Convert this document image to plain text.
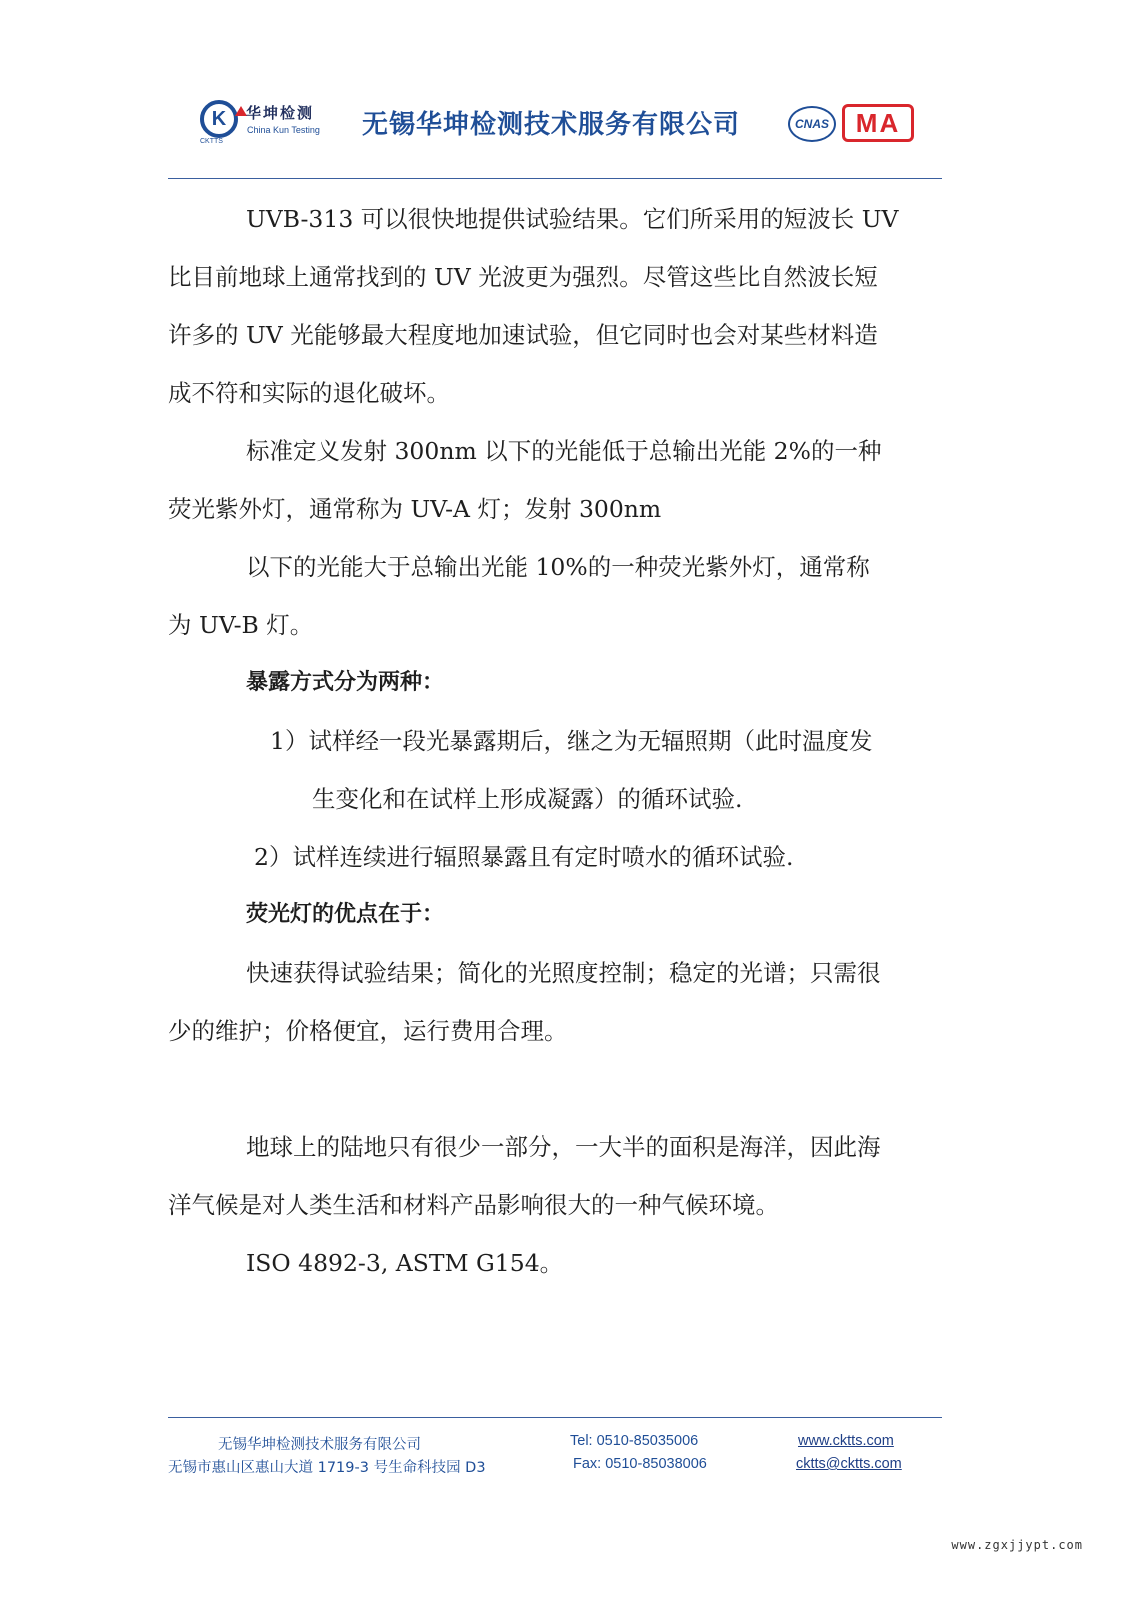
K 华坤检测
China Kun Testing
CKTTS
无锡华坤检测技术服务有限公司	CNAS	MA
UVB-313 可以很快地提供试验结果。它们所采用的短波长 UV
比目前地球上通常找到的 UV 光波更为强烈。尽管这些比自然波长短
许多的 UV 光能够最大程度地加速试验，但它同时也会对某些材料造
成不符和实际的退化破坏。
标准定义发射 300nm 以下的光能低于总输出光能 2%的一种
荧光紫外灯，通常称为 UV-A 灯；发射 300nm
以下的光能大于总输出光能 10%的一种荧光紫外灯，通常称
为 UV-B 灯。
暴露方式分为两种：
1）试样经一段光暴露期后，继之为无辐照期（此时温度发
生变化和在试样上形成凝露）的循环试验.
2）试样连续进行辐照暴露且有定时喷水的循环试验.
荧光灯的优点在于：
快速获得试验结果；简化的光照度控制；稳定的光谱；只需很
少的维护；价格便宜，运行费用合理。
地球上的陆地只有很少一部分，一大半的面积是海洋，因此海
洋气候是对人类生活和材料产品影响很大的一种气候环境。
ISO 4892-3, ASTM G154。
无锡华坤检测技术服务有限公司
无锡市惠山区惠山大道 1719-3 号生命科技园 D3
Tel: 0510-85035006
Fax: 0510-85038006
www.cktts.com
cktts@cktts.com
www.zgxjjypt.com
